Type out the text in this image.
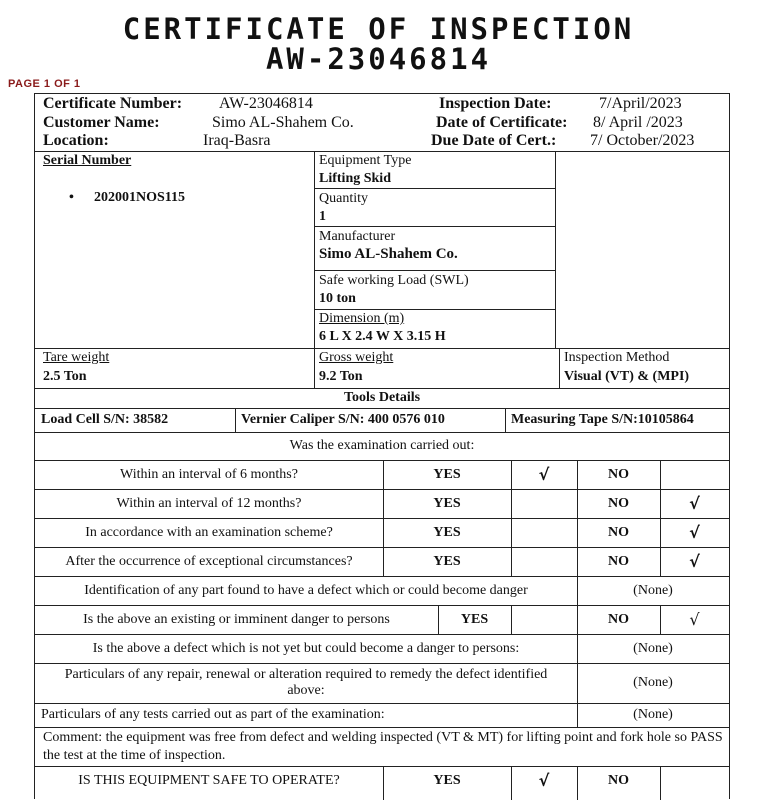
CERTIFICATE OF INSPECTION
AW-23046814
PAGE 1 OF 1
Certificate Number: AW-23046814
Customer Name:	Simo AL-Shahem Co.
Location:	Iraq-Basra
Inspection Date:	7/April/2023
Date of Certificate: 8/ April /2023
Due Date of Cert.: 7/ October/2023
Serial Number
• 202001NOS115
Equipment Type
Lifting Skid
Quantity
1
Manufacturer
Simo AL-Shahem Co.
Safe working Load (SWL)
10 ton
Dimension (m)
6 L X 2.4 W X 3.15 H
Tare weight
2.5 Ton
Gross weight
9.2 Ton
Inspection Method
Visual (VT) & (MPI)
Tools Details
Load Cell S/N: 38582	Vernier Caliper S/N: 400 0576 010	Measuring Tape S/N:10105864
Was the examination carried out:
Within an interval of 6 months?	YES	√	NO
Within an interval of 12 months?	YES	NO	√
In accordance with an examination scheme?	YES	NO	√
After the occurrence of exceptional circumstances?	YES	NO	√
Identification of any part found to have a defect which or could become danger	(None)
Is the above an existing or imminent danger to persons	YES	NO	√
Is the above a defect which is not yet but could become a danger to persons:	(None)
Particulars of any repair, renewal or alteration required to remedy the defect identified above:
(None)
Particulars of any tests carried out as part of the examination:	(None)
Comment: the equipment was free from defect and welding inspected (VT & MT) for lifting point and fork hole so PASS the test at the time of inspection.
IS THIS EQUIPMENT SAFE TO OPERATE?	YES	√	NO
